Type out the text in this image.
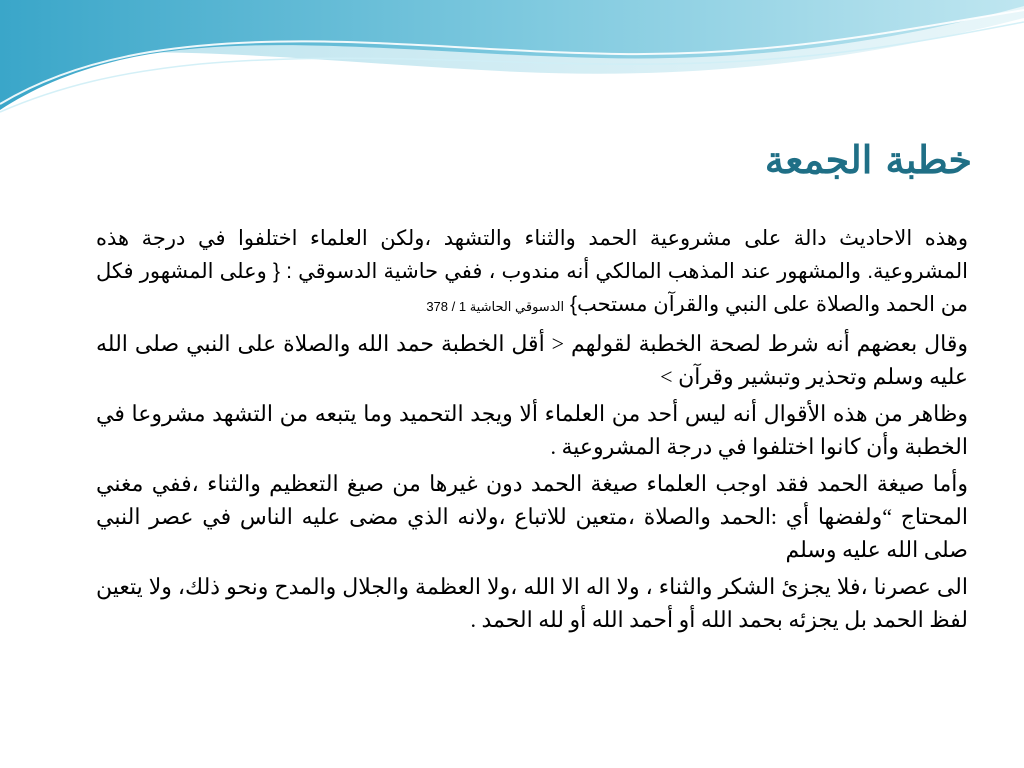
خطبة الجمعة

وهذه الاحاديث دالة على مشروعية الحمد والثناء والتشهد ،ولكن العلماء اختلفوا في درجة هذه المشروعية. والمشهور عند المذهب المالكي أنه مندوب ، ففي حاشية الدسوقي : { وعلى المشهور فكل من الحمد والصلاة على النبي والقرآن مستحب} الدسوقي الحاشية 1 / 378

وقال بعضهم أنه شرط لصحة الخطبة لقولهم < أقل الخطبة حمد الله والصلاة على النبي صلى الله عليه وسلم وتحذير وتبشير وقرآن >

وظاهر من هذه الأقوال أنه ليس أحد من العلماء ألا ويجد التحميد وما يتبعه من التشهد مشروعا في الخطبة وأن كانوا اختلفوا في درجة المشروعية .

وأما صيغة الحمد فقد اوجب العلماء صيغة الحمد دون غيرها من صيغ التعظيم والثناء ،ففي مغني المحتاج “ولفضها أي :الحمد والصلاة ،متعين للاتباع ،ولانه الذي مضى عليه الناس في عصر النبي صلى الله عليه وسلم

الى عصرنا ،فلا يجزئ الشكر والثناء ، ولا اله الا الله ،ولا العظمة والجلال والمدح ونحو ذلك، ولا يتعين لفظ الحمد بل يجزئه بحمد الله أو أحمد الله أو لله الحمد .
